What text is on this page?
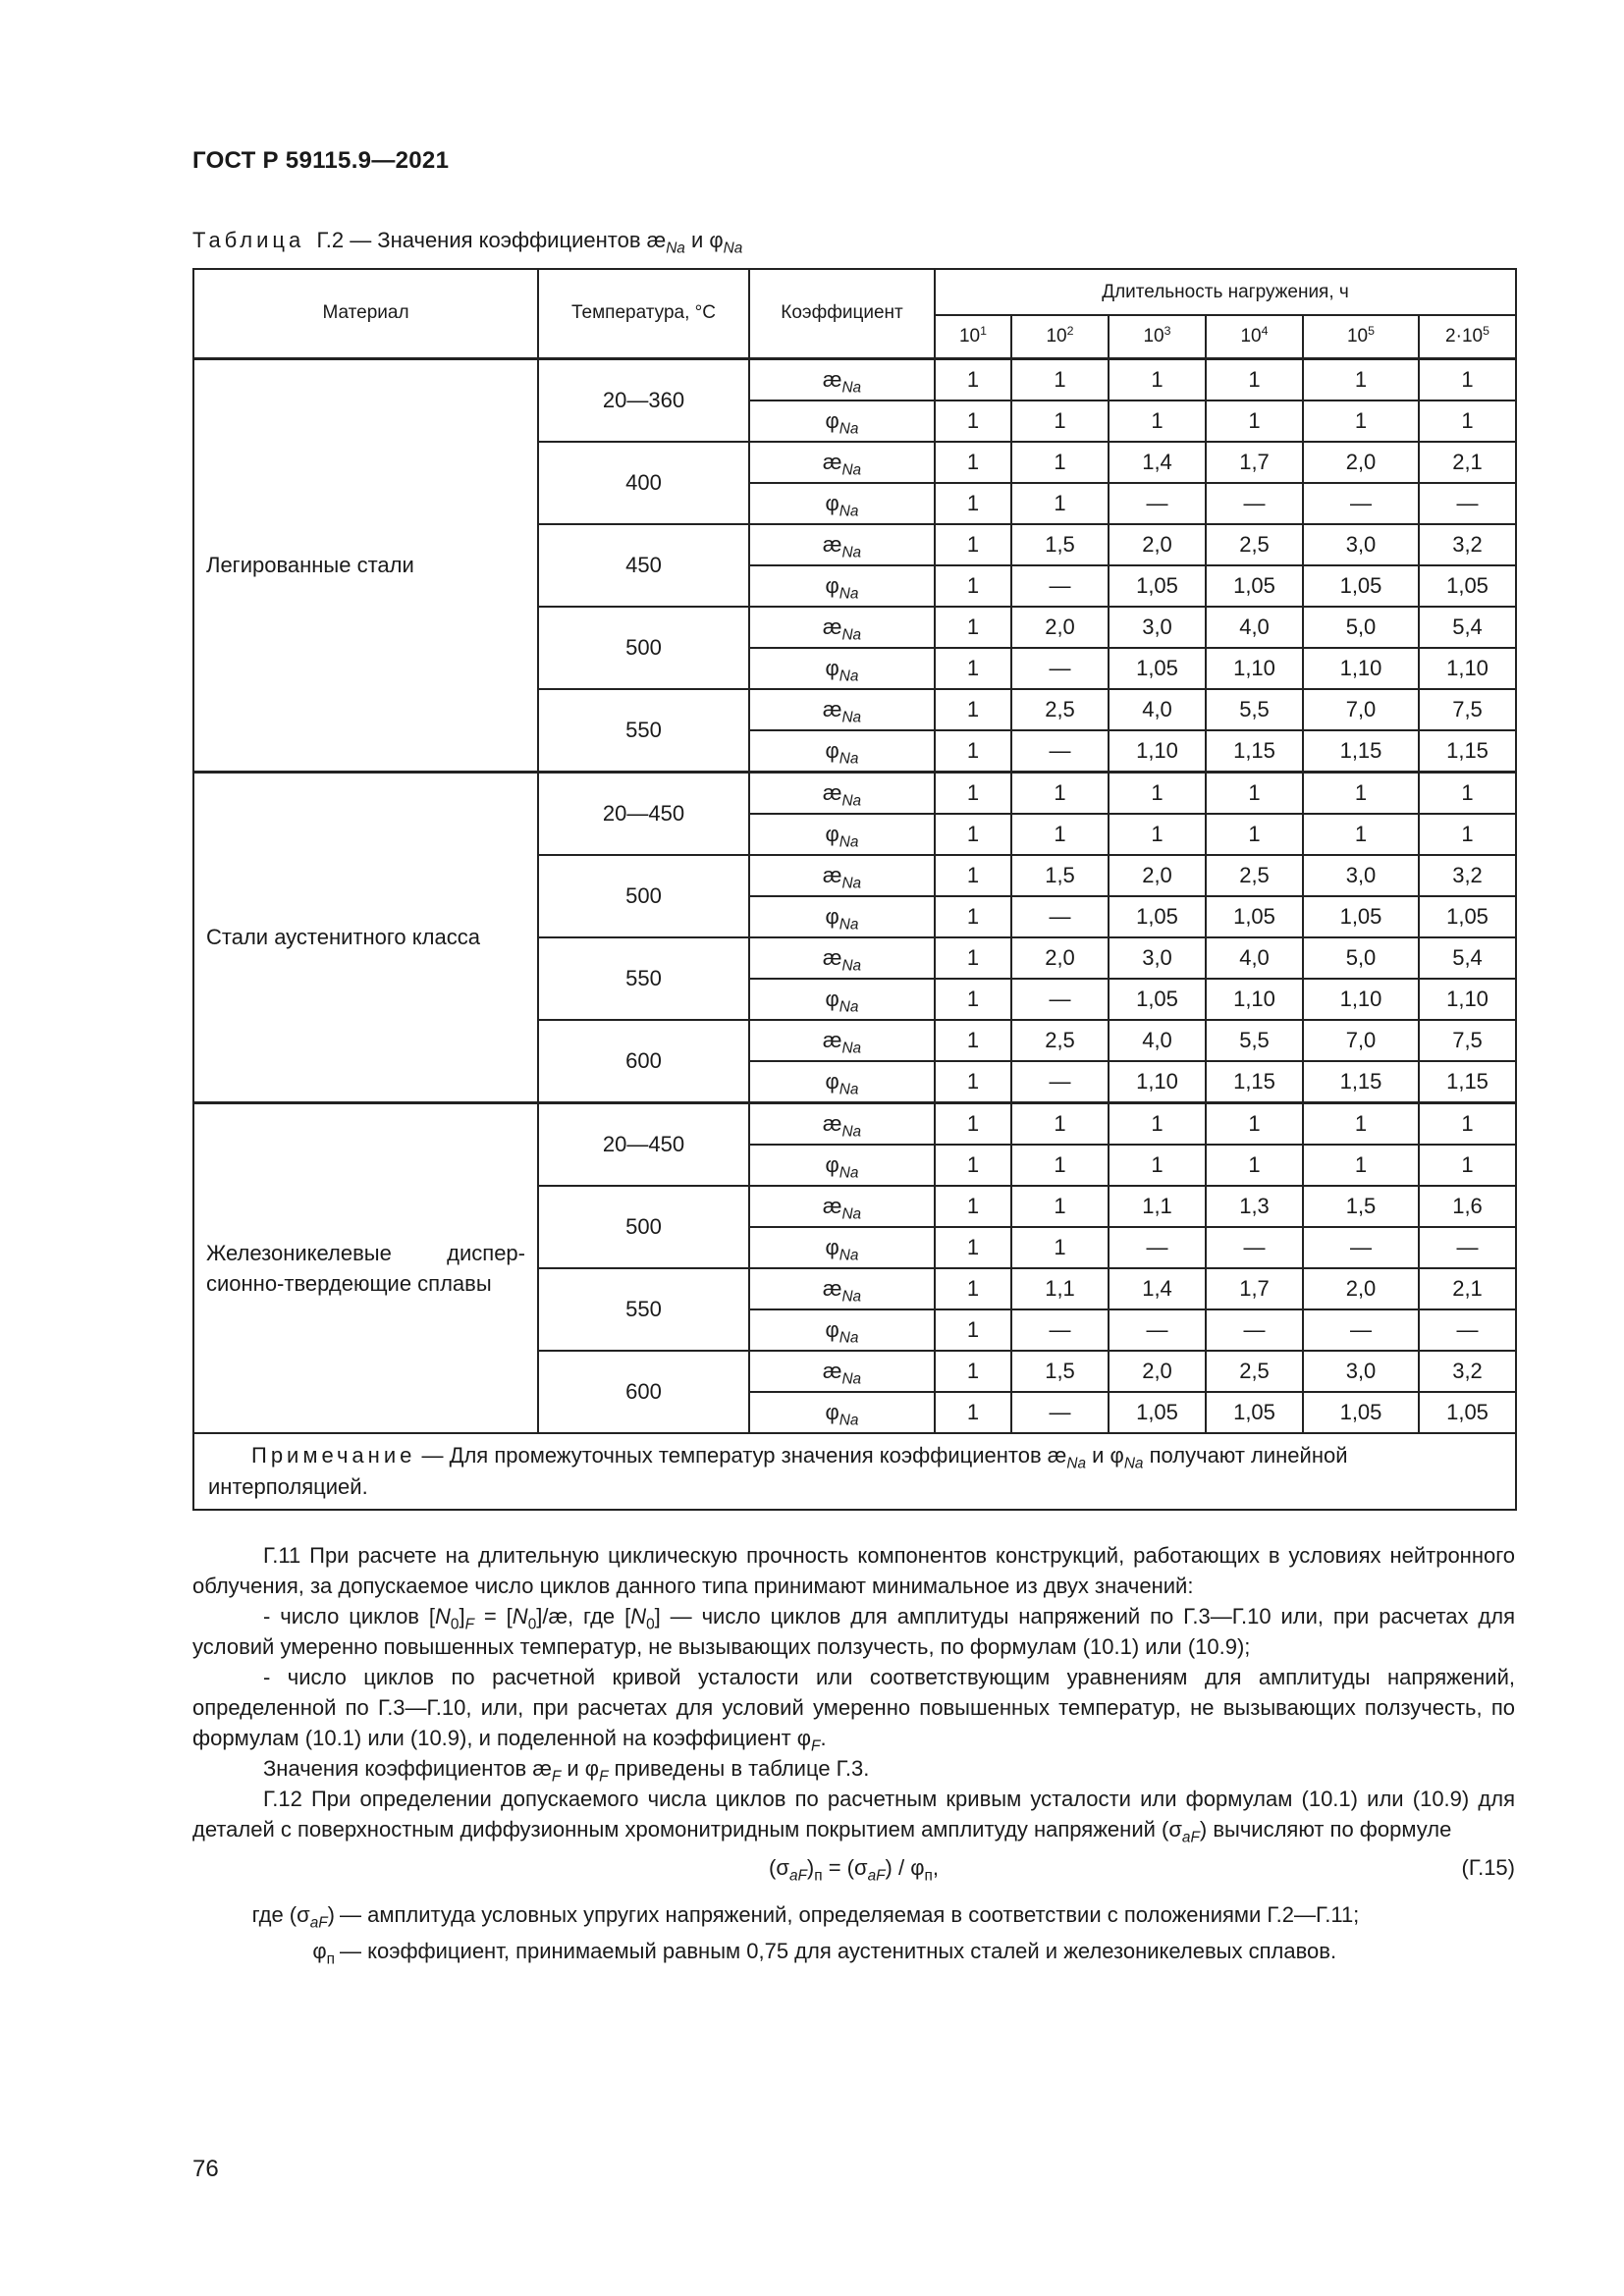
ГОСТ Р 59115.9—2021
Таблица Г.2 — Значения коэффициентов $æ_{Na}$ и $\varphi_{Na}$
Материал	Температура, °С	Коэффициент	Длительность нагружения, ч					
			$10^1$	$10^2$	$10^3$	$10^4$	$10^5$	$2\cdot 10^5$

Легированные стали	20—360	$æ_{Na}$	1	1	1	1	1	1
		$\varphi_{Na}$	1	1	1	1	1	1
	400	$æ_{Na}$	1	1	1,4	1,7	2,0	2,1
		$\varphi_{Na}$	1	1	—	—	—	—
	450	$æ_{Na}$	1	1,5	2,0	2,5	3,0	3,2
		$\varphi_{Na}$	1	—	1,05	1,05	1,05	1,05
	500	$æ_{Na}$	1	2,0	3,0	4,0	5,0	5,4
		$\varphi_{Na}$	1	—	1,05	1,10	1,10	1,10
	550	$æ_{Na}$	1	2,5	4,0	5,5	7,0	7,5
		$\varphi_{Na}$	1	—	1,10	1,15	1,15	1,15

Стали аустенитного класса	20—450	$æ_{Na}$	1	1	1	1	1	1
		$\varphi_{Na}$	1	1	1	1	1	1
	500	$æ_{Na}$	1	1,5	2,0	2,5	3,0	3,2
		$\varphi_{Na}$	1	—	1,05	1,05	1,05	1,05
	550	$æ_{Na}$	1	2,0	3,0	4,0	5,0	5,4
		$\varphi_{Na}$	1	—	1,05	1,10	1,10	1,10
	600	$æ_{Na}$	1	2,5	4,0	5,5	7,0	7,5
		$\varphi_{Na}$	1	—	1,10	1,15	1,15	1,15

Железоникелевые диспер-сионно-твердеющие сплавы	20—450	$æ_{Na}$	1	1	1	1	1	1
		$\varphi_{Na}$	1	1	1	1	1	1
	500	$æ_{Na}$	1	1	1,1	1,3	1,5	1,6
		$\varphi_{Na}$	1	1	—	—	—	—
	550	$æ_{Na}$	1	1,1	1,4	1,7	2,0	2,1
		$\varphi_{Na}$	1	—	—	—	—	—
	600	$æ_{Na}$	1	1,5	2,0	2,5	3,0	3,2
		$\varphi_{Na}$	1	—	1,05	1,05	1,05	1,05
Примечание — Для промежуточных температур значения коэффициентов $æ_{Na}$ и $\varphi_{Na}$ получают линейной интерполяцией.								

Г.11 При расчете на длительную циклическую прочность компонентов конструкций, работающих в условиях нейтронного облучения, за допускаемое число циклов данного типа принимают минимальное из двух значений:

- число циклов $[N_0]_F$ = $[N_0]/æ$, где $[N_0]$ — число циклов для амплитуды напряжений по Г.3—Г.10 или, при расчетах для условий умеренно повышенных температур, не вызывающих ползучесть, по формулам (10.1) или (10.9);

- число циклов по расчетной кривой усталости или соответствующим уравнениям для амплитуды напряжений, определенной по Г.3—Г.10, или, при расчетах для условий умеренно повышенных температур, не вызывающих ползучесть, по формулам (10.1) или (10.9), и поделенной на коэффициент $\varphi_F$.

Значения коэффициентов $æ_F$ и $\varphi_F$ приведены в таблице Г.3.

Г.12 При определении допускаемого числа циклов по расчетным кривым усталости или формулам (10.1) или (10.9) для деталей с поверхностным диффузионным хромонитридным покрытием амплитуду напряжений $(\sigma_{aF})$ вычисляют по формуле

$(\sigma_{aF})_п = (\sigma_{aF}) / \varphi_п$,	(Г.15)
где $(\sigma_{aF})$ — амплитуда условных упругих напряжений, определяемая в соответствии с положениями Г.2—Г.11;
$\varphi_п$ — коэффициент, принимаемый равным 0,75 для аустенитных сталей и железоникелевых сплавов.
76
